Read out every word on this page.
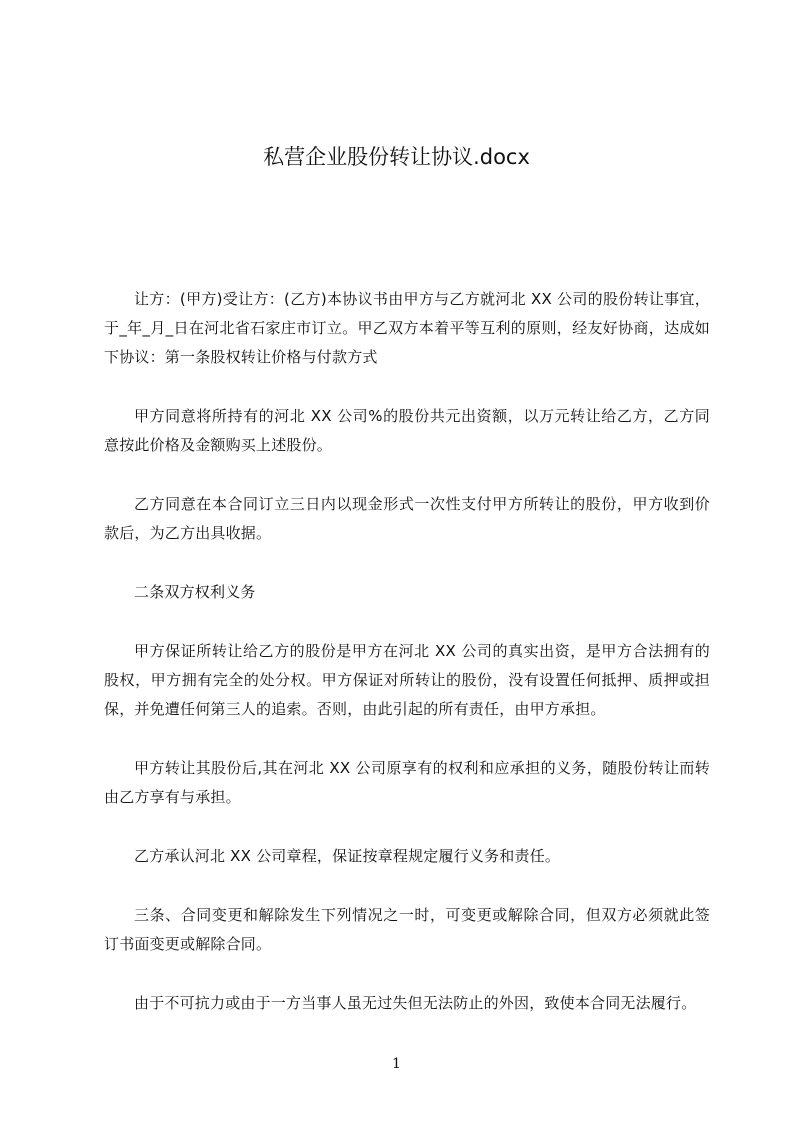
私营企业股份转让协议.docx

让方：(甲方)受让方：(乙方)本协议书由甲方与乙方就河北 XX 公司的股份转让事宜，于_年_月_日在河北省石家庄市订立。甲乙双方本着平等互利的原则，经友好协商，达成如下协议：第一条股权转让价格与付款方式

甲方同意将所持有的河北 XX 公司%的股份共元出资额，以万元转让给乙方，乙方同意按此价格及金额购买上述股份。

乙方同意在本合同订立三日内以现金形式一次性支付甲方所转让的股份，甲方收到价款后，为乙方出具收据。

二条双方权利义务

甲方保证所转让给乙方的股份是甲方在河北 XX 公司的真实出资，是甲方合法拥有的股权，甲方拥有完全的处分权。甲方保证对所转让的股份，没有设置任何抵押、质押或担保，并免遭任何第三人的追索。否则，由此引起的所有责任，由甲方承担。

甲方转让其股份后,其在河北 XX 公司原享有的权利和应承担的义务，随股份转让而转由乙方享有与承担。

乙方承认河北 XX 公司章程，保证按章程规定履行义务和责任。

三条、合同变更和解除发生下列情况之一时，可变更或解除合同，但双方必须就此签订书面变更或解除合同。

由于不可抗力或由于一方当事人虽无过失但无法防止的外因，致使本合同无法履行。

1
